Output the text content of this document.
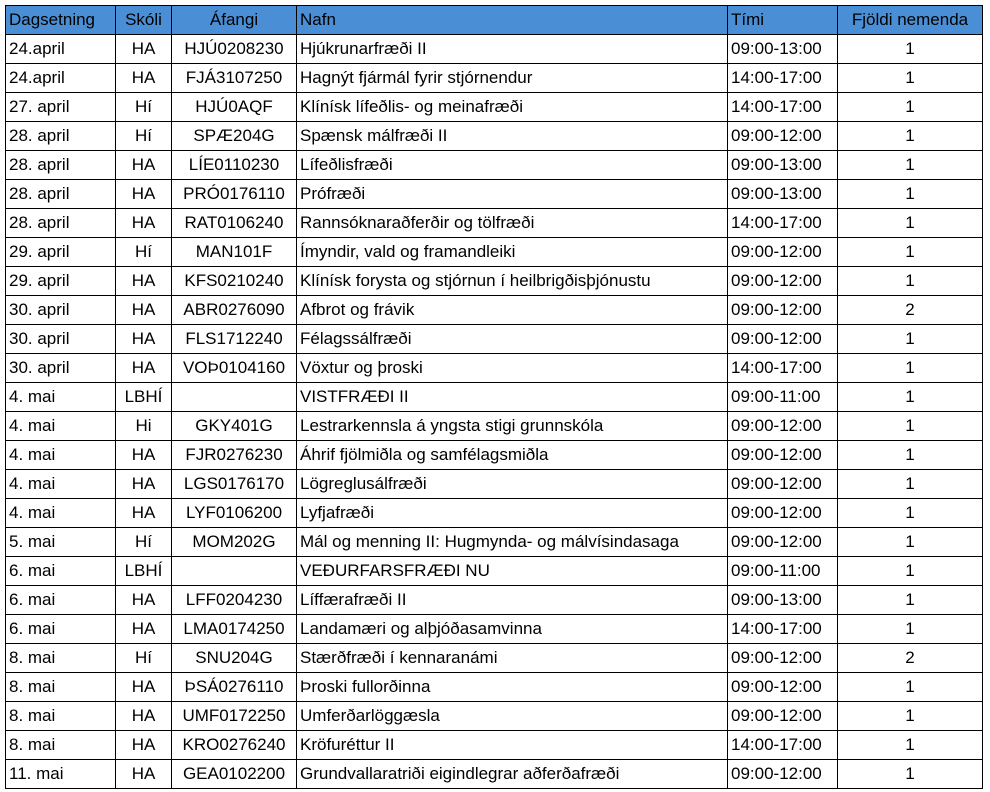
Dagsetning	Skóli	Áfangi	Nafn	Tími	Fjöldi nemenda
24.april	HA	HJÚ0208230	Hjúkrunarfræði II	09:00-13:00	1
24.april	HA	FJÁ3107250	Hagnýt fjármál fyrir stjórnendur	14:00-17:00	1
27. april	Hí	HJÚ0AQF	Klínísk lífeðlis- og meinafræði	14:00-17:00	1
28. april	Hí	SPÆ204G	Spænsk málfræði II	09:00-12:00	1
28. april	HA	LÍE0110230	Lífeðlisfræði	09:00-13:00	1
28. april	HA	PRÓ0176110	Prófræði	09:00-13:00	1
28. april	HA	RAT0106240	Rannsóknaraðferðir og tölfræði	14:00-17:00	1
29. april	Hí	MAN101F	Ímyndir, vald og framandleiki	09:00-12:00	1
29. april	HA	KFS0210240	Klínísk forysta og stjórnun í heilbrigðisþjónustu	09:00-12:00	1
30. april	HA	ABR0276090	Afbrot og frávik	09:00-12:00	2
30. april	HA	FLS1712240	Félagssálfræði	09:00-12:00	1
30. april	HA	VOÞ0104160	Vöxtur og þroski	14:00-17:00	1
4. mai	LBHÍ		VISTFRÆÐI II	09:00-11:00	1
4. mai	Hi	GKY401G	Lestrarkennsla á yngsta stigi grunnskóla	09:00-12:00	1
4. mai	HA	FJR0276230	Áhrif fjölmiðla og samfélagsmiðla	09:00-12:00	1
4. mai	HA	LGS0176170	Lögreglusálfræði	09:00-12:00	1
4. mai	HA	LYF0106200	Lyfjafræði	09:00-12:00	1
5. mai	Hí	MOM202G	Mál og menning II: Hugmynda- og málvísindasaga	09:00-12:00	1
6. mai	LBHÍ		VEÐURFARSFRÆÐI NU	09:00-11:00	1
6. mai	HA	LFF0204230	Líffærafræði II	09:00-13:00	1
6. mai	HA	LMA0174250	Landamæri og alþjóðasamvinna	14:00-17:00	1
8. mai	Hí	SNU204G	Stærðfræði í kennaranámi	09:00-12:00	2
8. mai	HA	ÞSÁ0276110	Þroski fullorðinna	09:00-12:00	1
8. mai	HA	UMF0172250	Umferðarlöggæsla	09:00-12:00	1
8. mai	HA	KRO0276240	Kröfuréttur II	14:00-17:00	1
11. mai	HA	GEA0102200	Grundvallaratriði eigindlegrar aðferðafræði	09:00-12:00	1
